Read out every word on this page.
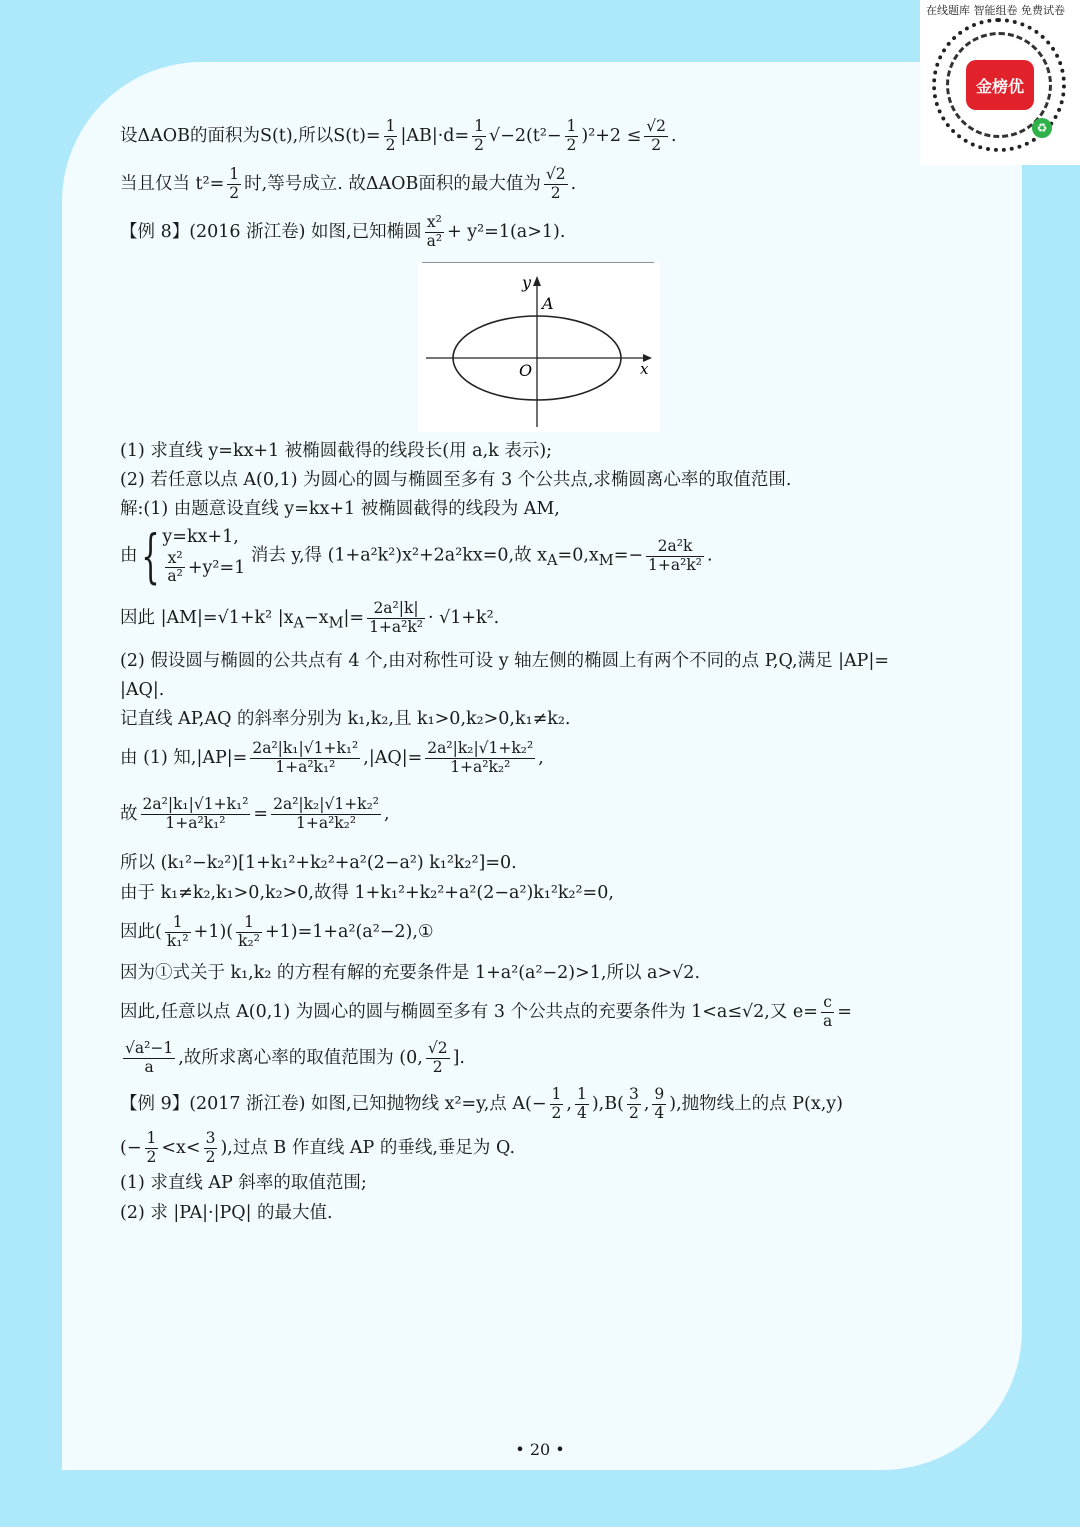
在线题库 智能组卷 免费试卷
金榜优
♻
设ΔAOB的面积为S(t),所以$S(t)= \frac{1}{2} |AB|\cdot d= \frac{1}{2} √-2(t^2- \frac{1}{2} )^2+2 \le \frac{√2}{2}$ .
当且仅当 $t^2= \frac{1}{2}$ 时,等号成立. 故ΔAOB面积的最大值为 $\frac{√2}{2}$ .
【例 8】(2016 浙江卷) 如图,已知椭圆 $\frac{\text{x²}}{\text{a²}} + y^2=1(a>1)$.
(1) 求直线 y=kx+1 被椭圆截得的线段长(用 a,k 表示);
(2) 若任意以点 A(0,1) 为圆心的圆与椭圆至多有 3 个公共点,求椭圆离心率的取值范围.
解:(1) 由题意设直线 y=kx+1 被椭圆截得的线段为 AM,
由{ y=kx+1,
$\frac{\text{x²}}{\text{a²}} +y^2=1$
消去 y,得 (1+a²k²)x²+2a²kx=0,故 $x_A=0,x_M=- \frac{\text{2a²k}}{\text{1+a²k²}}$ .
因此 |AM|=√1+k² $|x_A-x_M|= \frac{\text{2a²|k|}}{\text{1+a²k²}} \cdot √1+k^2$.
(2) 假设圆与椭圆的公共点有 4 个,由对称性可设 y 轴左侧的椭圆上有两个不同的点 P,Q,满足 |AP|=
|AQ|.
记直线 AP,AQ 的斜率分别为 k₁,k₂,且 k₁>0,k₂>0,k₁≠k₂.
由 (1) 知$,|AP|= \frac{\text{2a²|k₁|√1+k₁²}}{\text{1+a²k₁²}} ,|AQ|= \frac{\text{2a²|k₂|√1+k₂²}}{\text{1+a²k₂²}}$ ,
故 $\frac{\text{2a²|k₁|√1+k₁²}}{\text{1+a²k₁²}} = \frac{\text{2a²|k₂|√1+k₂²}}{\text{1+a²k₂²}}$ ,
所以 (k₁²−k₂²)[1+k₁²+k₂²+a²(2−a²) k₁²k₂²]=0.
由于 k₁≠k₂,k₁>0,k₂>0,故得 1+k₁²+k₂²+a²(2−a²)k₁²k₂²=0,
因此( $\frac{1}{\text{k₁²}} +1)( \frac{1}{\text{k₂²}}$ +1)=1+a²(a²−2),①
因为①式关于 k₁,k₂ 的方程有解的充要条件是 1+a²(a²−2)>1,所以 a>√2.
因此,任意以点 A(0,1) 为圆心的圆与椭圆至多有 3 个公共点的充要条件为 1<a≤√2,又 $e= \frac{c}{a}$ =
$\frac{\text{√a²−1}}{a}$ ,故所求离心率的取值范围为 (0, $\frac{√2}{2}$ ].
【例 9】(2017 浙江卷) 如图,已知抛物线 x²=y,点 $A(- \frac{1}{2}$ , $\frac{1}{4} ),B( \frac{3}{2}$ , $\frac{9}{4}$ ),抛物线上的点 P(x,y)
(− $\frac{1}{2} <x< \frac{3}{2}$ ),过点 B 作直线 AP 的垂线,垂足为 Q.
(1) 求直线 AP 斜率的取值范围;
(2) 求 |PA|·|PQ| 的最大值.
y
A
O	x
• 20 •
